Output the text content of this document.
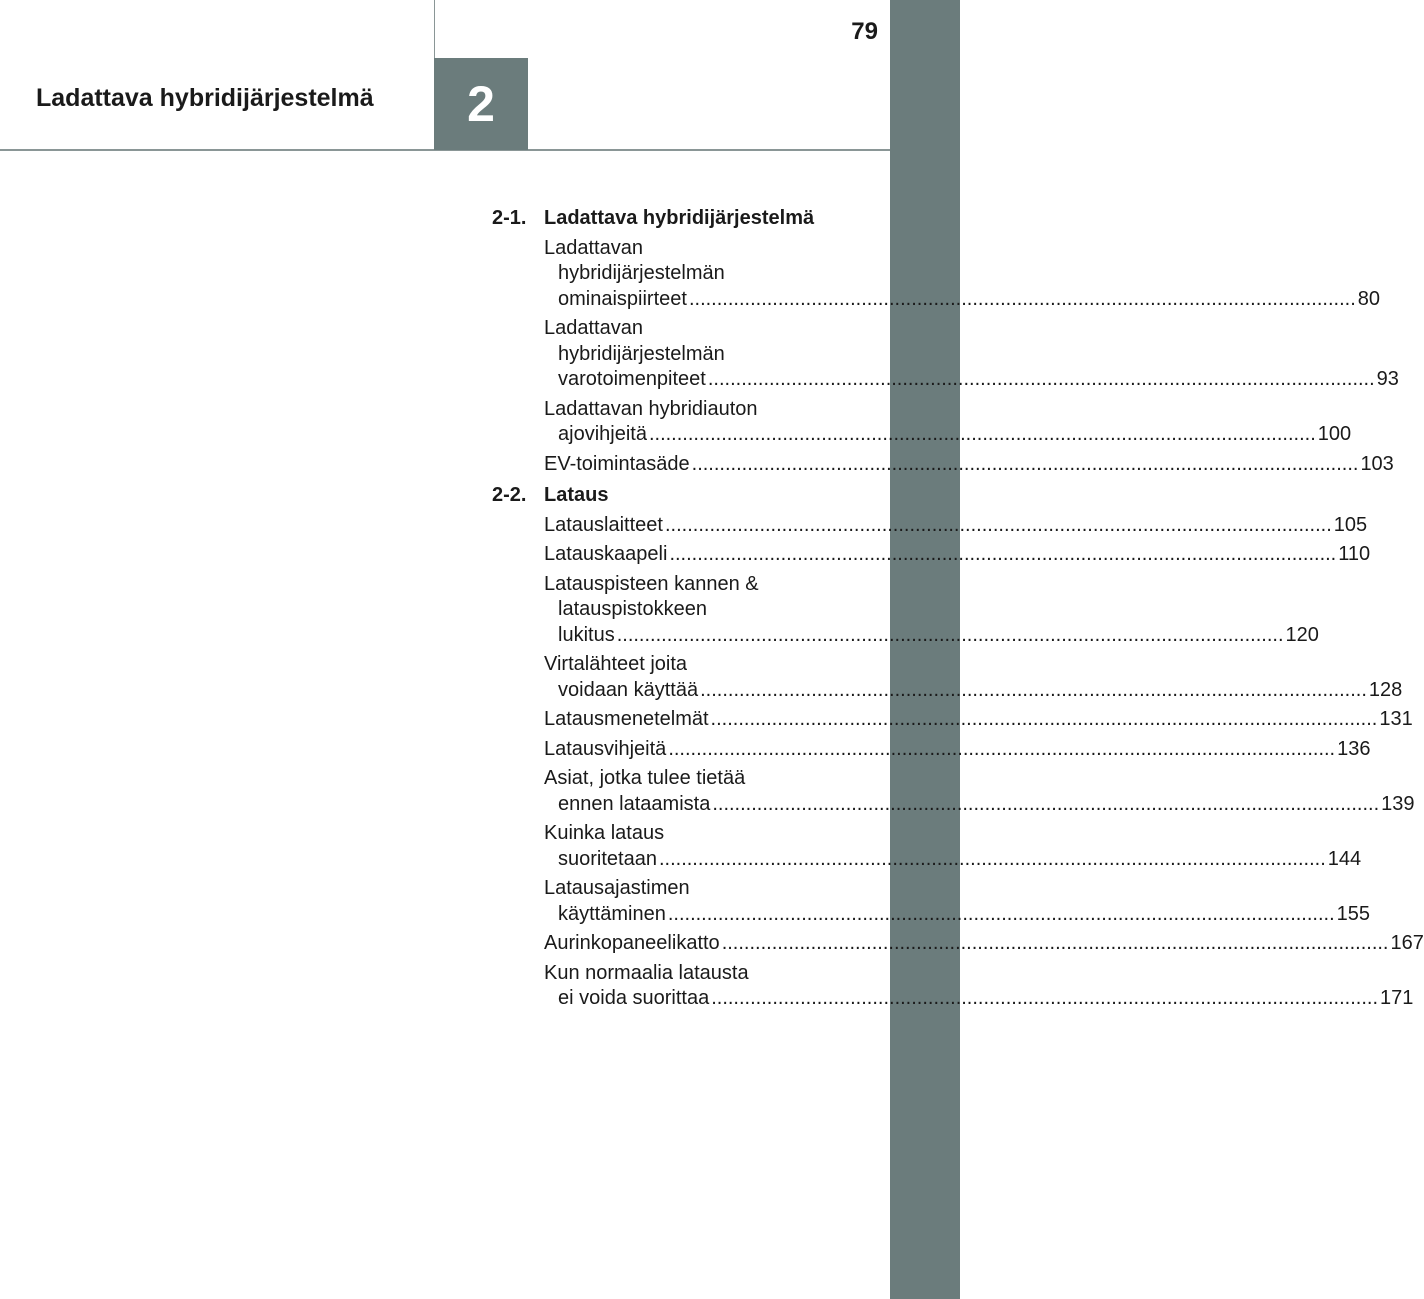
Ladattava hybridijärjestelmä 2
79
2-1. Ladattava hybridijärjestelmä
Ladattavan
hybridijärjestelmän
ominaispiirteet ........................................................................................................................ 80
Ladattavan
hybridijärjestelmän
varotoimenpiteet ........................................................................................................................ 93
Ladattavan hybridiauton
ajovihjeitä ........................................................................................................................ 100
EV-toimintasäde ........................................................................................................................ 103
2-2. Lataus
Latauslaitteet ........................................................................................................................ 105
Latauskaapeli ........................................................................................................................ 110
Latauspisteen kannen &
latauspistokkeen
lukitus ........................................................................................................................ 120
Virtalähteet joita
voidaan käyttää ........................................................................................................................ 128
Latausmenetelmät ........................................................................................................................ 131
Latausvihjeitä ........................................................................................................................ 136
Asiat, jotka tulee tietää
ennen lataamista ........................................................................................................................ 139
Kuinka lataus
suoritetaan ........................................................................................................................ 144
Latausajastimen
käyttäminen ........................................................................................................................ 155
Aurinkopaneelikatto ........................................................................................................................ 167
Kun normaalia latausta
ei voida suorittaa ........................................................................................................................ 171
